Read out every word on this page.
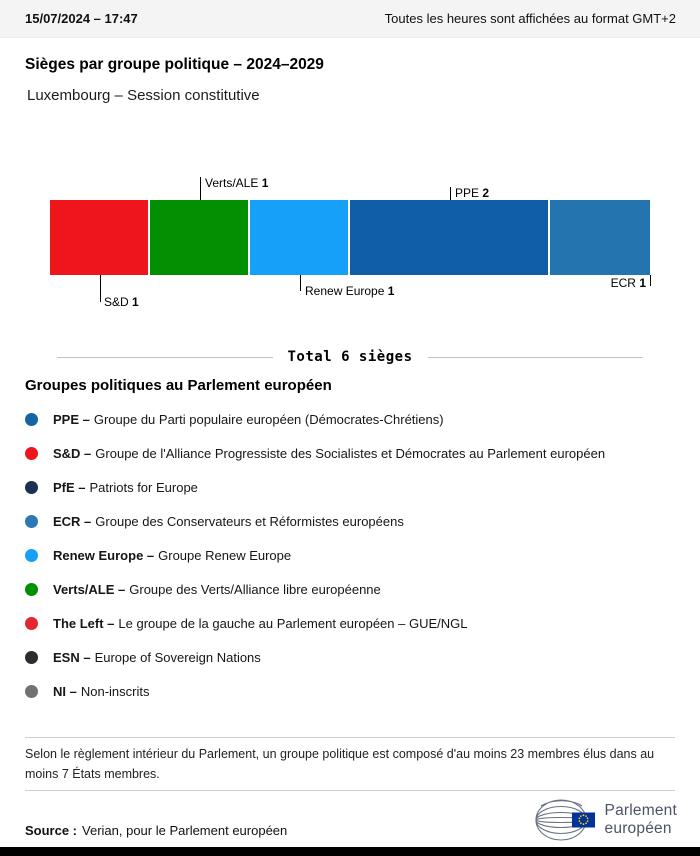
15/07/2024 – 17:47	Toutes les heures sont affichées au format GMT+2
Sièges par groupe politique – 2024–2029
Luxembourg – Session constitutive
S&D 1
Verts/ALE 1
Renew Europe 1
PPE 2
ECR 1
Total 6 sièges
Groupes politiques au Parlement européen
PPE – Groupe du Parti populaire européen (Démocrates-Chrétiens)
S&D – Groupe de l'Alliance Progressiste des Socialistes et Démocrates au Parlement européen
PfE – Patriots for Europe
ECR – Groupe des Conservateurs et Réformistes européens
Renew Europe – Groupe Renew Europe
Verts/ALE – Groupe des Verts/Alliance libre européenne
The Left – Le groupe de la gauche au Parlement européen – GUE/NGL
ESN – Europe of Sovereign Nations
NI – Non-inscrits

Selon le règlement intérieur du Parlement, un groupe politique est composé d'au moins 23 membres élus dans au moins 7 États membres.

Source : Verian, pour le Parlement européen
Parlement
européen
